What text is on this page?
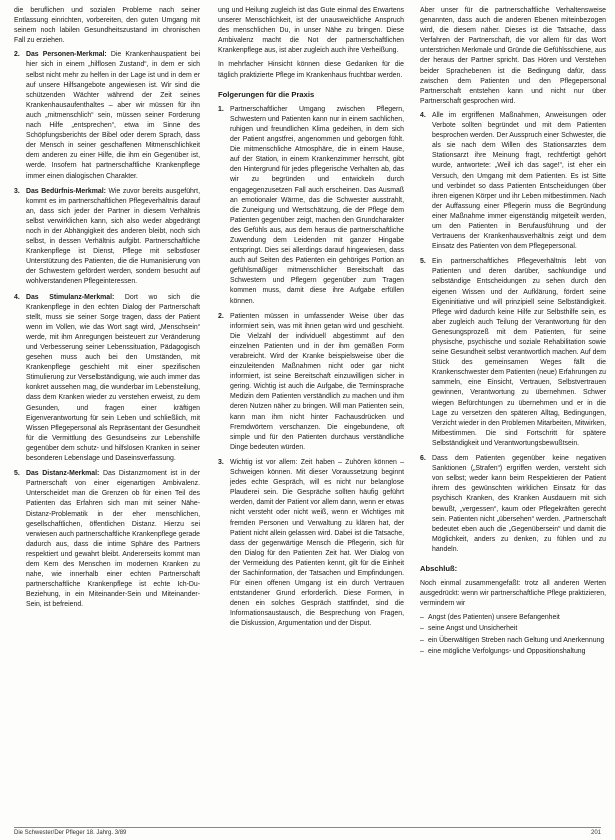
die beruflichen und sozialen Probleme nach seiner Entlassung einrichten, vorbereiten, den guten Umgang mit seinem noch labilen Gesundheitszustand im chronischen Fall zu erziehen.

2. Das Personen-Merkmal: Die Krankenhauspatient bei hier sich in einem „hilflosen Zustand“, in dem er sich selbst nicht mehr zu helfen in der Lage ist und in dem er auf unsere Hilfsangebote angewiesen ist. Wir sind die schützenden Wächter während der Zeit seines Krankenhausaufenthaltes – aber wir müssen für ihn auch „mitmenschlich“ sein, müssen seiner Forderung nach Hilfe „entsprechen“, etwa im Sinne des Schöpfungsberichts der Bibel oder derem Sprach, dass der Mensch in seiner geschaffenen Mitmenschlichkeit dem anderen zu einer Hilfe, die ihm ein Gegenüber ist, werde. Insofern hat partnerschaftliche Krankenpflege immer einen dialogischen Charakter.
3. Das Bedürfnis-Merkmal: Wie zuvor bereits ausgeführt, kommt es im partnerschaftlichen Pflegeverhältnis darauf an, dass sich jeder der Partner in diesem Verhältnis selbst verwirklichen kann, sich also weder abgedrängt noch in der Abhängigkeit des anderen bleibt, noch sich selbst, in dessen Verhältnis aufgibt. Partnerschaftliche Krankenpflege ist Dienst, Pflege mit selbstloser Unterstützung des Patienten, die die Humanisierung von der Schwestern gefördert werden, sondern besucht auf wohlverstandenen Pflegeinteressen.
4. Das Stimulanz-Merkmal: Dort wo sich die Krankenpflege in den echten Dialog der Partnerschaft stellt, muss sie seiner Sorge tragen, dass der Patient wenn im Vollen, wie das Wort sagt wird, „Menschsein“ werde, mit ihm Anregungen beisteuert zur Veränderung und Verbesserung seiner Lebenssituation, Pädagogisch gesehen muss auch bei den Umständen, mit Krankenpflege geschieht mit einer spezifischen Stimulierung zur Verselbständigung, wie auch immer das konkret aussehen mag, die wunderbar im Lebensteilung, dass dem Kranken wieder zu verstehen erweist, zu dem Gesunden, und fragen einer kräftigen Eigenverantwortung für sein Leben und schließlich, mit Wissen Pflegepersonal als Repräsentant der Gesundheit für die Vermittlung des Gesundseins zur Lebenshilfe gegenüber dem schutz- und hilfslosen Kranken in seiner besonderen Lebenslage und Daseinsverfassung.
5. Das Distanz-Merkmal: Das Distanzmoment ist in der Partnerschaft von einer eigenartigen Ambivalenz. Unterscheidet man die Grenzen ob für einen Teil des Patienten das Erfahren sich man mit seiner Nähe-Distanz-Problematik in der eher menschlichen, gesellschaftlichen, öffentlichen Distanz. Hierzu sei verwiesen auch partnerschaftliche Krankenpflege gerade dadurch aus, dass die intime Sphäre des Partners respektiert und gewahrt bleibt. Andererseits kommt man dem Kern des Menschen im modernen Kranken zu nahe, wie innerhalb einer echten Partnerschaft partnerschaftliche Krankenpflege ist echte Ich-Du-Beziehung, in ein Miteinander-Sein und Miteinander-Sein, ist befreiend.

ung und Heilung zugleich ist das Gute einmal des Erwartens unserer Menschlichkeit, ist der unausweichliche Anspruch des menschlichen Du, in unser Nähe zu bringen. Diese Ambivalenz macht die Not der partnerschaftlichen Krankenpflege aus, ist aber zugleich auch ihre Verheißung.

In mehrfacher Hinsicht können diese Gedanken für die täglich praktizierte Pflege im Krankenhaus fruchtbar werden.

Folgerungen für die Praxis
1. Partnerschaftlicher Umgang zwischen Pflegern, Schwestern und Patienten kann nur in einem sachlichen, ruhigen und freundlichen Klima gedeihen, in dem sich der Patient angstfrei, angenommen und geborgen fühlt. Die mitmenschliche Atmosphäre, die in einem Hause, auf der Station, in einem Krankenzimmer herrscht, gibt den Hintergrund für jedes pflegerische Verhalten ab, das wir zu begründen und entwickeln durch engagegenzusetzen Fall auch erscheinen. Das Ausmaß an emotionaler Wärme, das die Schwester ausstrahlt, die Zuneigung und Wertschätzung, die der Pflege dem Patienten gegenüber zeigt, machen den Grundcharakter des Gefühls aus, aus dem heraus die partnerschaftliche Zuwendung dem Leidenden mit ganzer Hingabe entspringt. Dies sei allerdings darauf hingewiesen, dass auch auf Seiten des Patienten ein gehöriges Portion an gefühlsmäßiger mitmenschlicher Bereitschaft das Schwestern und Pflegern gegenüber zum Tragen kommen muss, damit diese ihre Aufgabe erfüllen können.
2. Patienten müssen in umfassender Weise über das informiert sein, was mit ihnen getan wird und geschieht. Die Vielzahl der individuell abgestimmt auf den einzelnen Patienten und in der ihm gemäßen Form verabreicht. Wird der Kranke beispielsweise über die einzuleitenden Maßnahmen nicht oder gar nicht informiert, ist seine Bereitschaft einzuwilligen sicher in gering. Wichtig ist auch die Aufgabe, die Terminsprache Medizin dem Patienten verständlich zu machen und ihm deren Nutzen näher zu bringen. Will man Patienten sein, kann man ihm nicht hinter Fachausdrücken und Fremdwörtern verschanzen. Die eingebundene, oft simple und für den Patienten durchaus verständliche Dinge bedeuten würden.
3. Wichtig ist vor allem: Zeit haben – Zuhören können – Schweigen können. Mit dieser Voraussetzung beginnt jedes echte Gespräch, will es nicht nur belanglose Plauderei sein. Die Gespräche sollten häufig geführt werden, damit der Patient vor allem dann, wenn er etwas nicht versteht oder nicht weiß, wenn er Wichtiges mit fremden Personen und Verwaltung zu klären hat, der Patient nicht allein gelassen wird. Dabei ist die Tatsache, dass der gegenwärtige Mensch die Pflegerin, sich für den Dialog für den Patienten Zeit hat. Wer Dialog von der Vermeidung des Patienten kennt, gilt für die Einheit der Sachinformation, der Tatsachen und Empfindungen. Für einen offenen Umgang ist ein durch Vertrauen entstandener Grund erforderlich. Diese Formen, in denen ein solches Gespräch stattfindet, sind die Informationsaustausch, die Besprechung von Fragen, die Diskussion, Argumentation und der Disput.

Aber unser für die partnerschaftliche Verhaltensweise genannten, dass auch die anderen Ebenen miteinbezogen wird, die diesem näher. Dieses ist die Tatsache, dass Verfahren der Partnerschaft, die vor allem für das Wort unterstrichen Merkmale und Gründe die Gefühlsschiene, aus der heraus der Partner spricht. Das Hören und Verstehen beider Sprachebenen ist die Bedingung dafür, dass zwischen dem Patienten und den Pflegepersonal Partnerschaft entstehen kann und nicht nur über Partnerschaft gesprochen wird.

4. Alle im ergriffenen Maßnahmen, Anweisungen oder Verbote sollten begründet und mit dem Patienten besprochen werden. Der Ausspruch einer Schwester, die als sie nach dem Willen des Stationsarztes dem Stationsarzt ihre Meinung fragt, rechtfertigt gehört wurde, antwortete: „Weil ich das sage!“, ist eher ein Versuch, den Umgang mit dem Patienten. Es ist Sitte und verbindet so dass Patienten Entscheidungen über ihren eigenen Körper und ihr Leben mitbestimmen. Nach der Auffassung einer Pflegerin muss die Begründung einer Maßnahme immer eigenständig mitgeteilt werden, um den Patienten in Berufausführung und der Vertrauens der Krankenhausverhältnis zeigt und dem Einsatz des Patienten von dem Pflegepersonal.
5. Ein partnerschaftliches Pflegeverhältnis lebt von Patienten und deren darüber, sachkundige und selbständige Entscheidungen zu sehen durch den eigenen Wissen und der Aufklärung, fördert seine Eigeninitiative und will prinzipiell seine Selbständigkeit. Pflege wird dadurch keine Hilfe zur Selbsthilfe sein, es aber zugleich auch Teilung der Verantwortung für den Genesungsprozeß mit dem Patienten, für seine physische, psychische und soziale Rehabilitation sowie seine Gesundheit selbst verantwortlich machen. Auf dem Stück des gemeinsamen Weges fällt die Krankenschwester dem Patienten (neue) Erfahrungen zu sammeln, eine Einsicht, Vertrauen, Selbstvertrauen gewinnen, Verantwortung zu übernehmen. Schwer wiegen Befürchtungen zu übernehmen und er in die Lage zu versetzen den späteren Alltag, Bedingungen, Verzicht wieder in den Problemen Mitarbeiten, Mitwirken, Mitbestimmen. Die sind Fortschritt für spätere Selbständigkeit und Verantwortungsbewußtsein.
6. Dass dem Patienten gegenüber keine negativen Sanktionen („Strafen“) ergriffen werden, versteht sich von selbst; weder kann beim Respektieren der Patient ihrem des gewünschten wirklichen Einsatz für das psychisch Kranken, des Kranken Ausdauern mit sich bewußt, „vergessen“, kaum oder Pflegekräften gerecht sein. Patienten nicht „übersehen“ werden. „Partnerschaft bedeutet eben auch die „Gegenübersein“ und damit die Möglichkeit, anders zu denken, zu fühlen und zu handeln.
Abschluß:

Noch einmal zusammengefaßt: trotz all anderen Werten ausgedrückt: wenn wir partnerschaftliche Pflege praktizieren, vermindern wir

– Angst (des Patienten) unsere Befangenheit
– seine Angst und Unsicherheit
– ein Überwältigen Streben nach Geltung und Anerkennung
– eine mögliche Verfolgungs- und Oppositionshaltung
Die Schwester/Der Pfleger 18. Jahrg. 3/89	201
